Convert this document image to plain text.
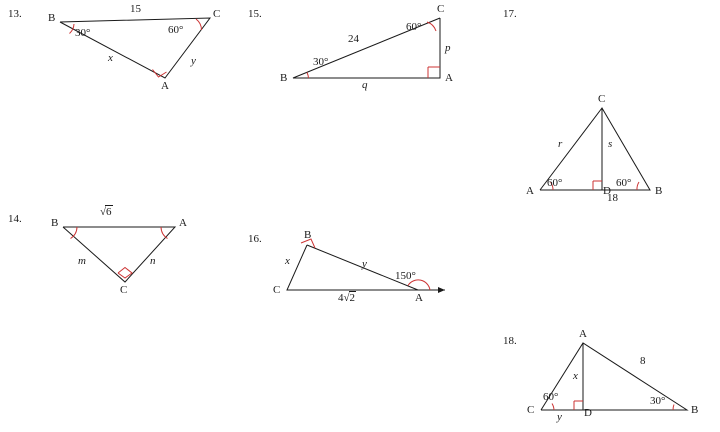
13. B	C
A
15
30°	60°
x	y
14.	B	A
C
√6
m	n
15.	C
B	A
24
60°
30°
p
q
16.	B
C
A
x	y
150°
4√2
17.
C
A	B
D
r	s
60°	60°
18
18.
A
C	B
D
8
x
y
60°	30°
